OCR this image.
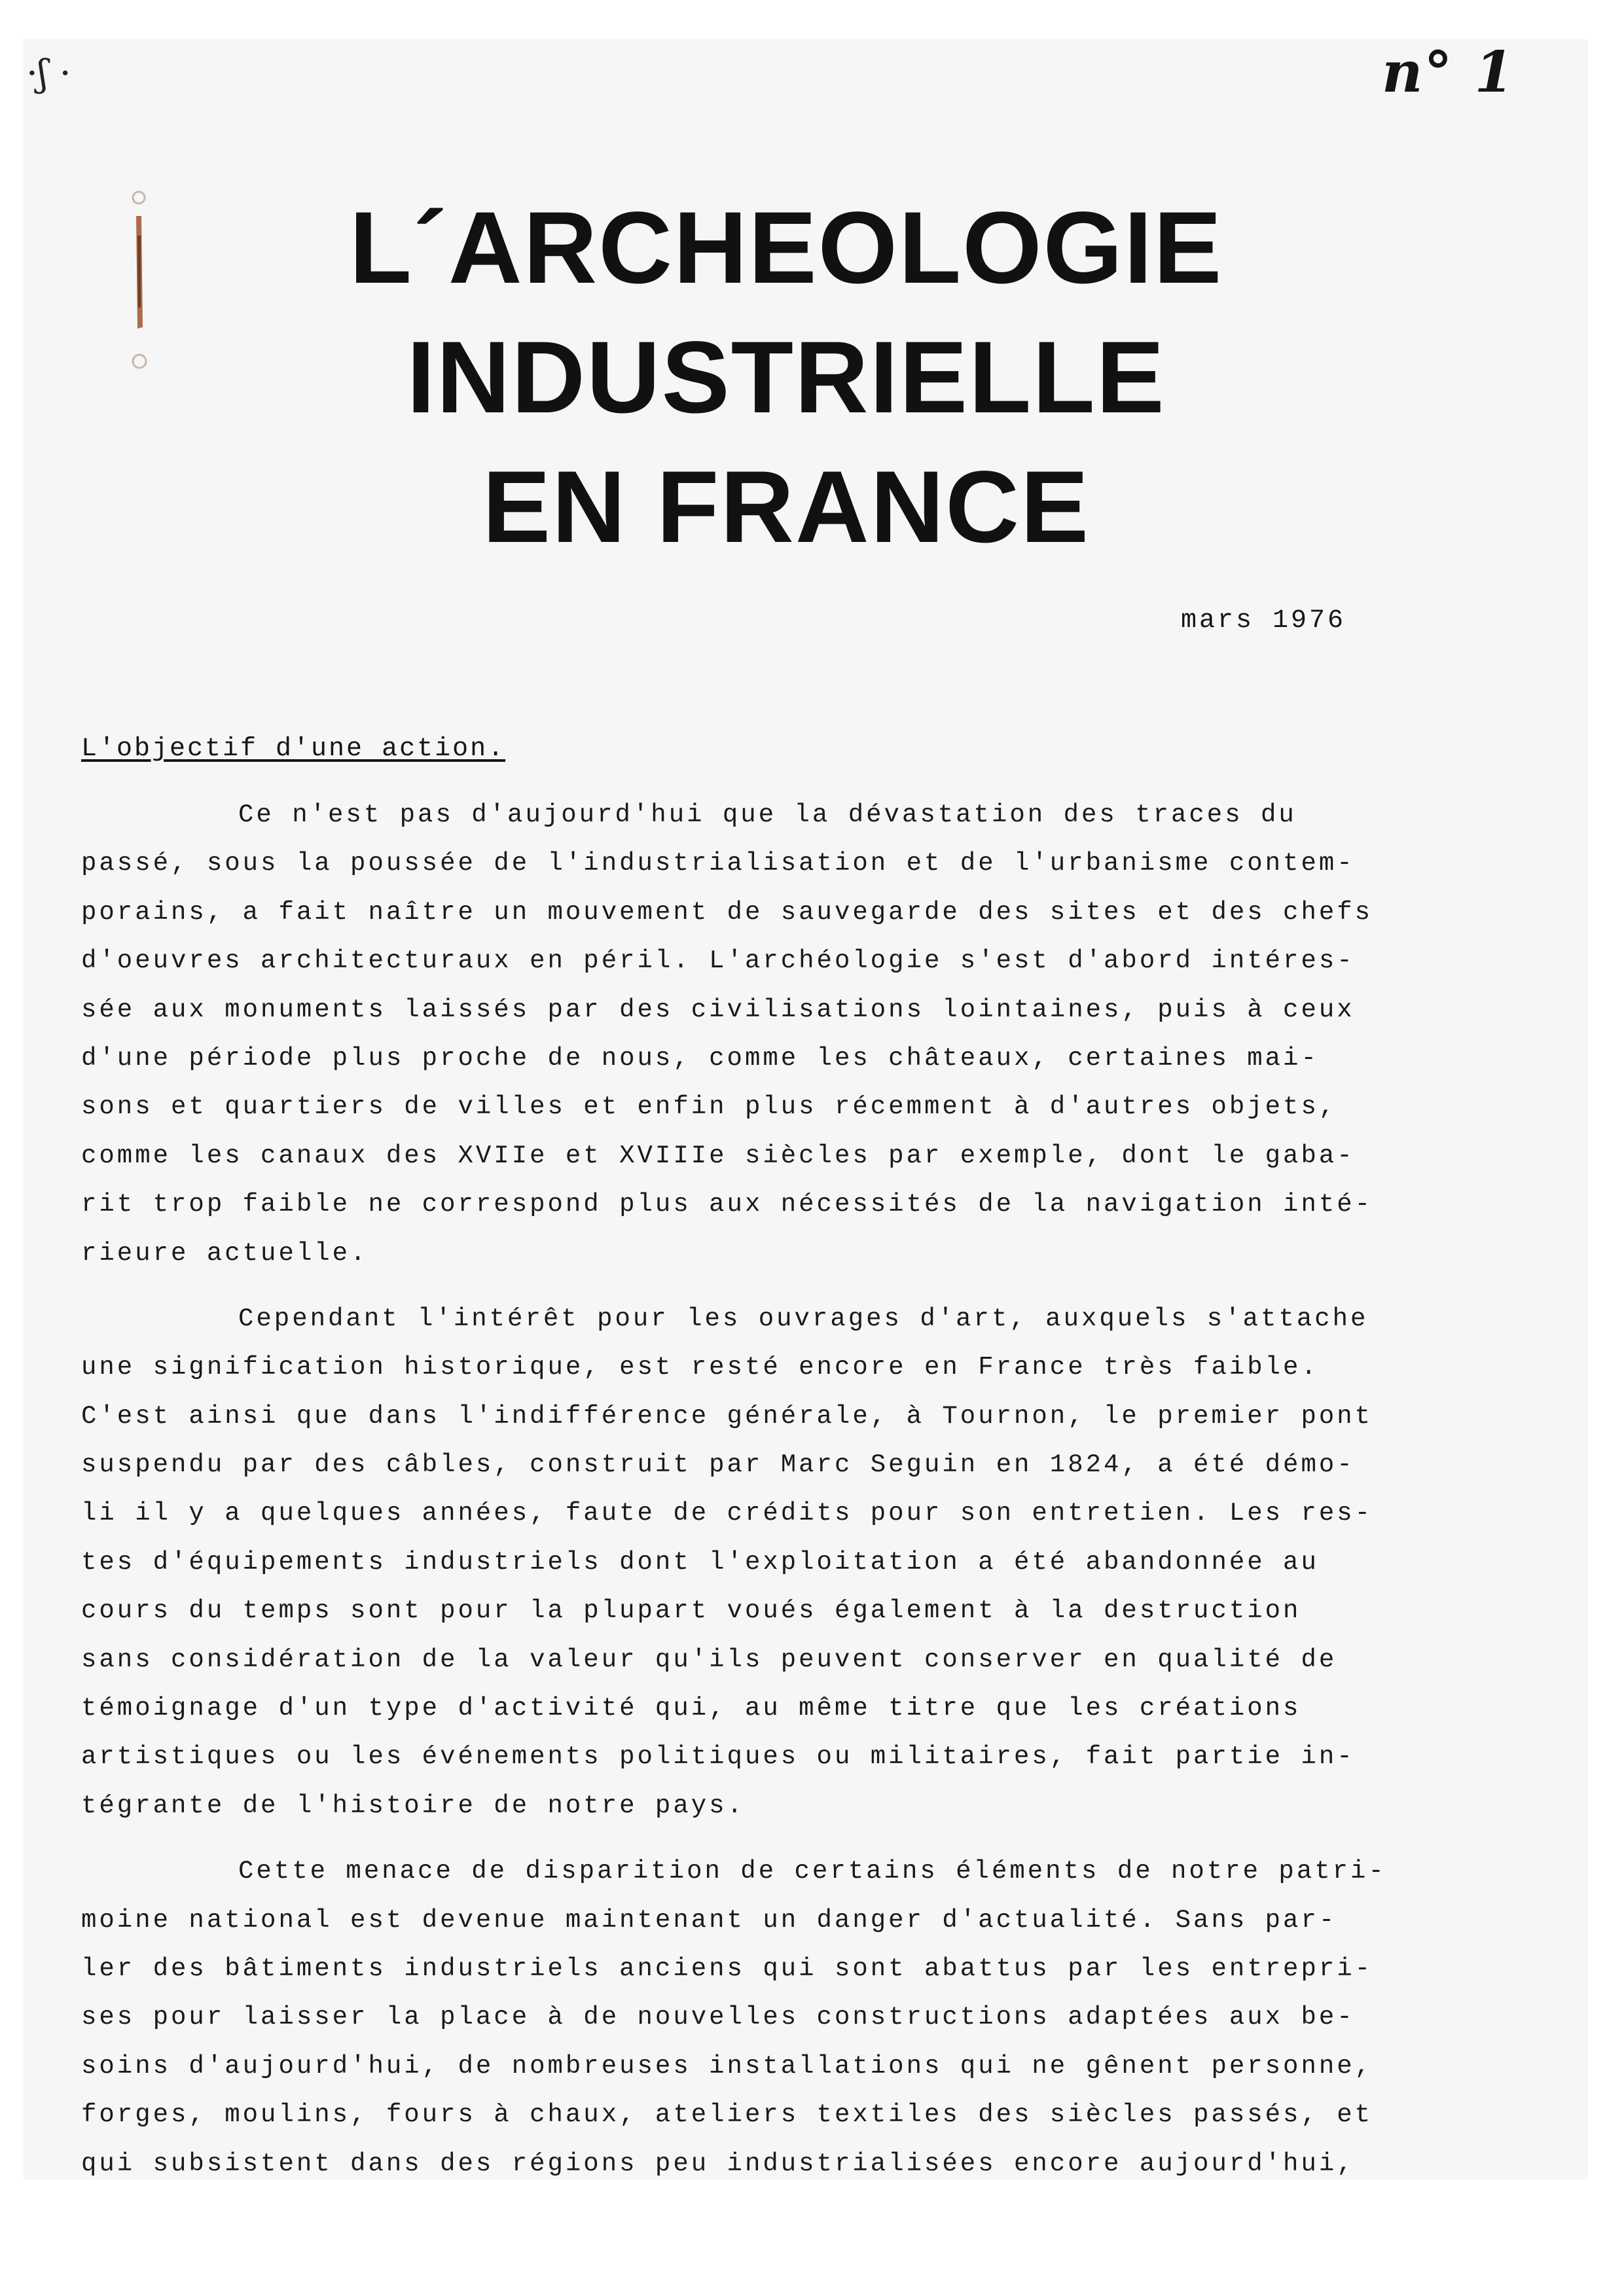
·ʃ ·	n° 1
L´ARCHEOLOGIE
INDUSTRIELLE
EN FRANCE
mars 1976
L'objectif d'une action.
Ce n'est pas d'aujourd'hui que la dévastation des traces du
passé, sous la poussée de l'industrialisation et de l'urbanisme contem-
porains, a fait naître un mouvement de sauvegarde des sites et des chefs
d'oeuvres architecturaux en péril. L'archéologie s'est d'abord intéres-
sée aux monuments laissés par des civilisations lointaines, puis à ceux
d'une période plus proche de nous, comme les châteaux, certaines mai-
sons et quartiers de villes et enfin plus récemment à d'autres objets,
comme les canaux des XVIIe et XVIIIe siècles par exemple, dont le gaba-
rit trop faible ne correspond plus aux nécessités de la navigation inté-
rieure actuelle.
Cependant l'intérêt pour les ouvrages d'art, auxquels s'attache
une signification historique, est resté encore en France très faible.
C'est ainsi que dans l'indifférence générale, à Tournon, le premier pont
suspendu par des câbles, construit par Marc Seguin en 1824, a été démo-
li il y a quelques années, faute de crédits pour son entretien. Les res-
tes d'équipements industriels dont l'exploitation a été abandonnée au
cours du temps sont pour la plupart voués également à la destruction
sans considération de la valeur qu'ils peuvent conserver en qualité de
témoignage d'un type d'activité qui, au même titre que les créations
artistiques ou les événements politiques ou militaires, fait partie in-
tégrante de l'histoire de notre pays.
Cette menace de disparition de certains éléments de notre patri-
moine national est devenue maintenant un danger d'actualité. Sans par-
ler des bâtiments industriels anciens qui sont abattus par les entrepri-
ses pour laisser la place à de nouvelles constructions adaptées aux be-
soins d'aujourd'hui, de nombreuses installations qui ne gênent personne,
forges, moulins, fours à chaux, ateliers textiles des siècles passés, et
qui subsistent dans des régions peu industrialisées encore aujourd'hui,
